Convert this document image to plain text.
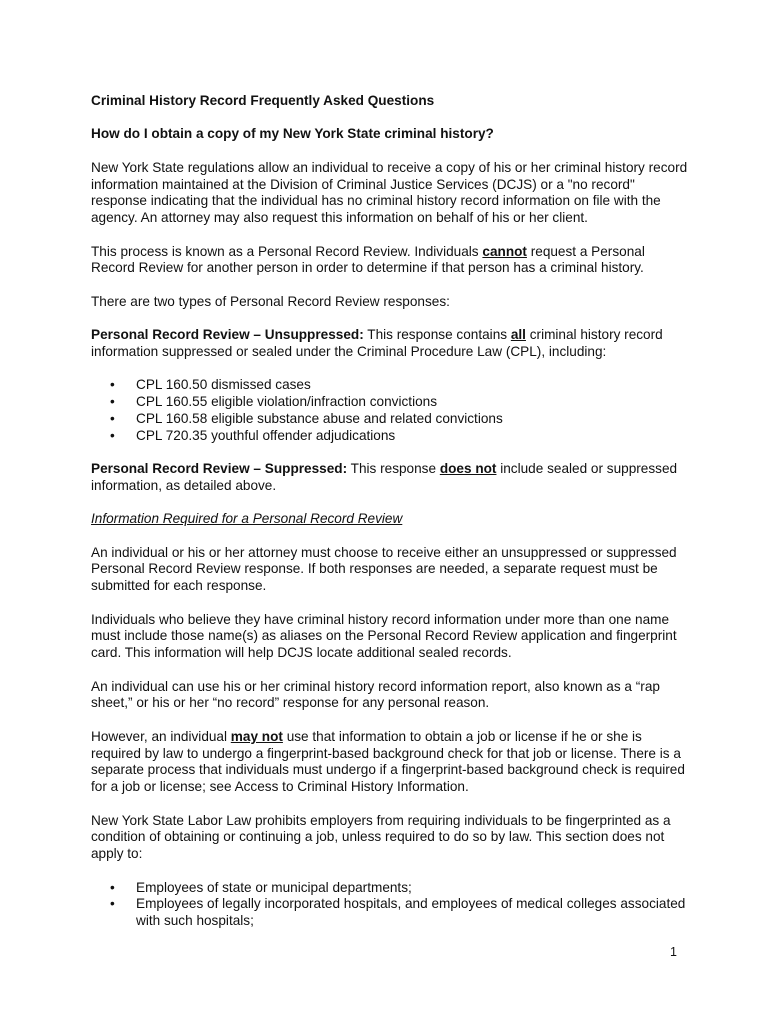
Criminal History Record Frequently Asked Questions
How do I obtain a copy of my New York State criminal history?

New York State regulations allow an individual to receive a copy of his or her criminal history record information maintained at the Division of Criminal Justice Services (DCJS) or a "no record" response indicating that the individual has no criminal history record information on file with the agency. An attorney may also request this information on behalf of his or her client.

This process is known as a Personal Record Review. Individuals cannot request a Personal Record Review for another person in order to determine if that person has a criminal history.

There are two types of Personal Record Review responses:

Personal Record Review – Unsuppressed: This response contains all criminal history record information suppressed or sealed under the Criminal Procedure Law (CPL), including:

• CPL 160.50 dismissed cases
• CPL 160.55 eligible violation/infraction convictions
• CPL 160.58 eligible substance abuse and related convictions
• CPL 720.35 youthful offender adjudications

Personal Record Review – Suppressed: This response does not include sealed or suppressed information, as detailed above.

Information Required for a Personal Record Review

An individual or his or her attorney must choose to receive either an unsuppressed or suppressed Personal Record Review response. If both responses are needed, a separate request must be submitted for each response.

Individuals who believe they have criminal history record information under more than one name must include those name(s) as aliases on the Personal Record Review application and fingerprint card. This information will help DCJS locate additional sealed records.

An individual can use his or her criminal history record information report, also known as a “rap sheet,” or his or her “no record” response for any personal reason.

However, an individual may not use that information to obtain a job or license if he or she is required by law to undergo a fingerprint-based background check for that job or license. There is a separate process that individuals must undergo if a fingerprint-based background check is required for a job or license; see Access to Criminal History Information.

New York State Labor Law prohibits employers from requiring individuals to be fingerprinted as a condition of obtaining or continuing a job, unless required to do so by law. This section does not apply to:

• Employees of state or municipal departments;
• Employees of legally incorporated hospitals, and employees of medical colleges associated with such hospitals;
1
